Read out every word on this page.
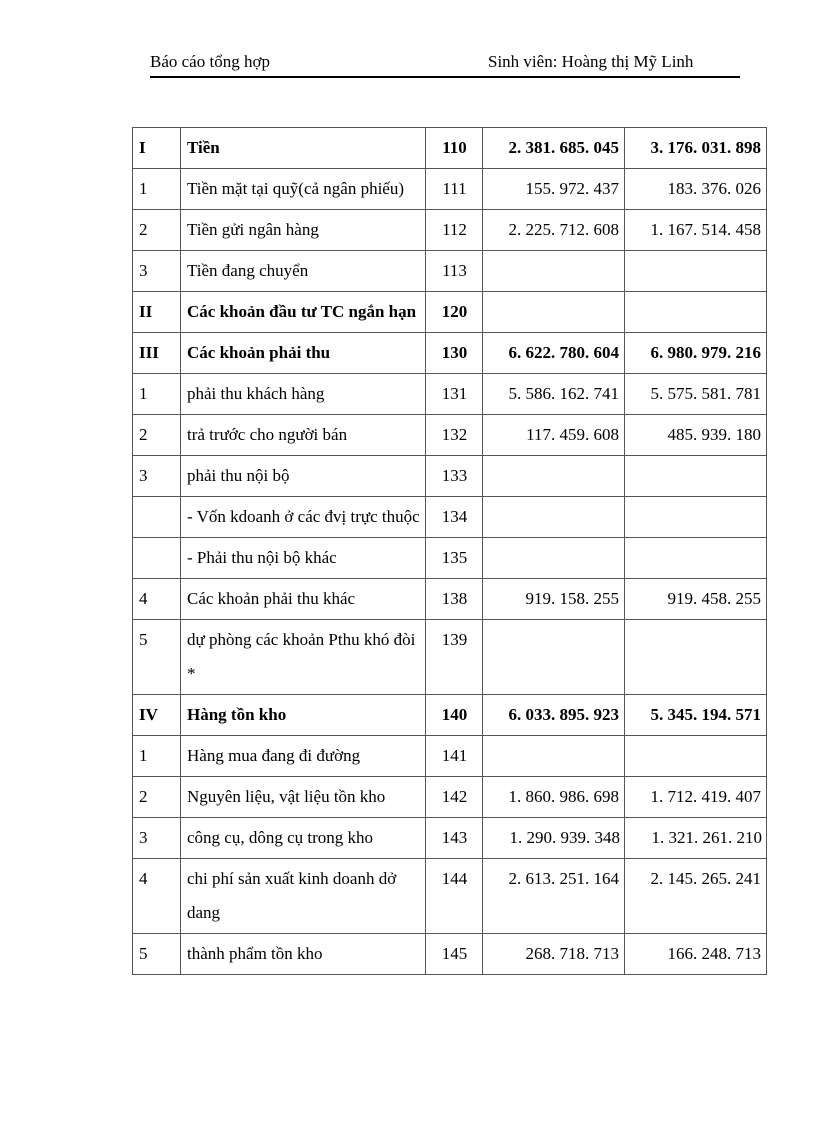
Báo cáo tổng hợp	Sinh viên: Hoàng thị Mỹ Linh
I	Tiền	110	2. 381. 685. 045	3. 176. 031. 898
1	Tiền mặt tại quỹ(cả ngân phiếu)	111	155. 972. 437	183. 376. 026
2	Tiền gửi ngân hàng	112	2. 225. 712. 608	1. 167. 514. 458
3	Tiền đang chuyển	113		
II	Các khoản đầu tư TC ngắn hạn	120		
III	Các khoản phải thu	130	6. 622. 780. 604	6. 980. 979. 216
1	phải thu khách hàng	131	5. 586. 162. 741	5. 575. 581. 781
2	trả trước cho người bán	132	117. 459. 608	485. 939. 180
3	phải thu nội bộ	133		
	- Vốn kdoanh ở các đvị trực thuộc	134		
	- Phải thu nội bộ khác	135		
4	Các khoản phải thu khác	138	919. 158. 255	919. 458. 255
5	dự phòng các khoản Pthu khó đòi *	139		
IV	Hàng tồn kho	140	6. 033. 895. 923	5. 345. 194. 571
1	Hàng mua đang đi đường	141		
2	Nguyên liệu, vật liệu tồn kho	142	1. 860. 986. 698	1. 712. 419. 407
3	công cụ, dông cụ trong kho	143	1. 290. 939. 348	1. 321. 261. 210
4	chi phí sản xuất kinh doanh dở dang	144	2. 613. 251. 164	2. 145. 265. 241
5	thành phẩm tồn kho	145	268. 718. 713	166. 248. 713
